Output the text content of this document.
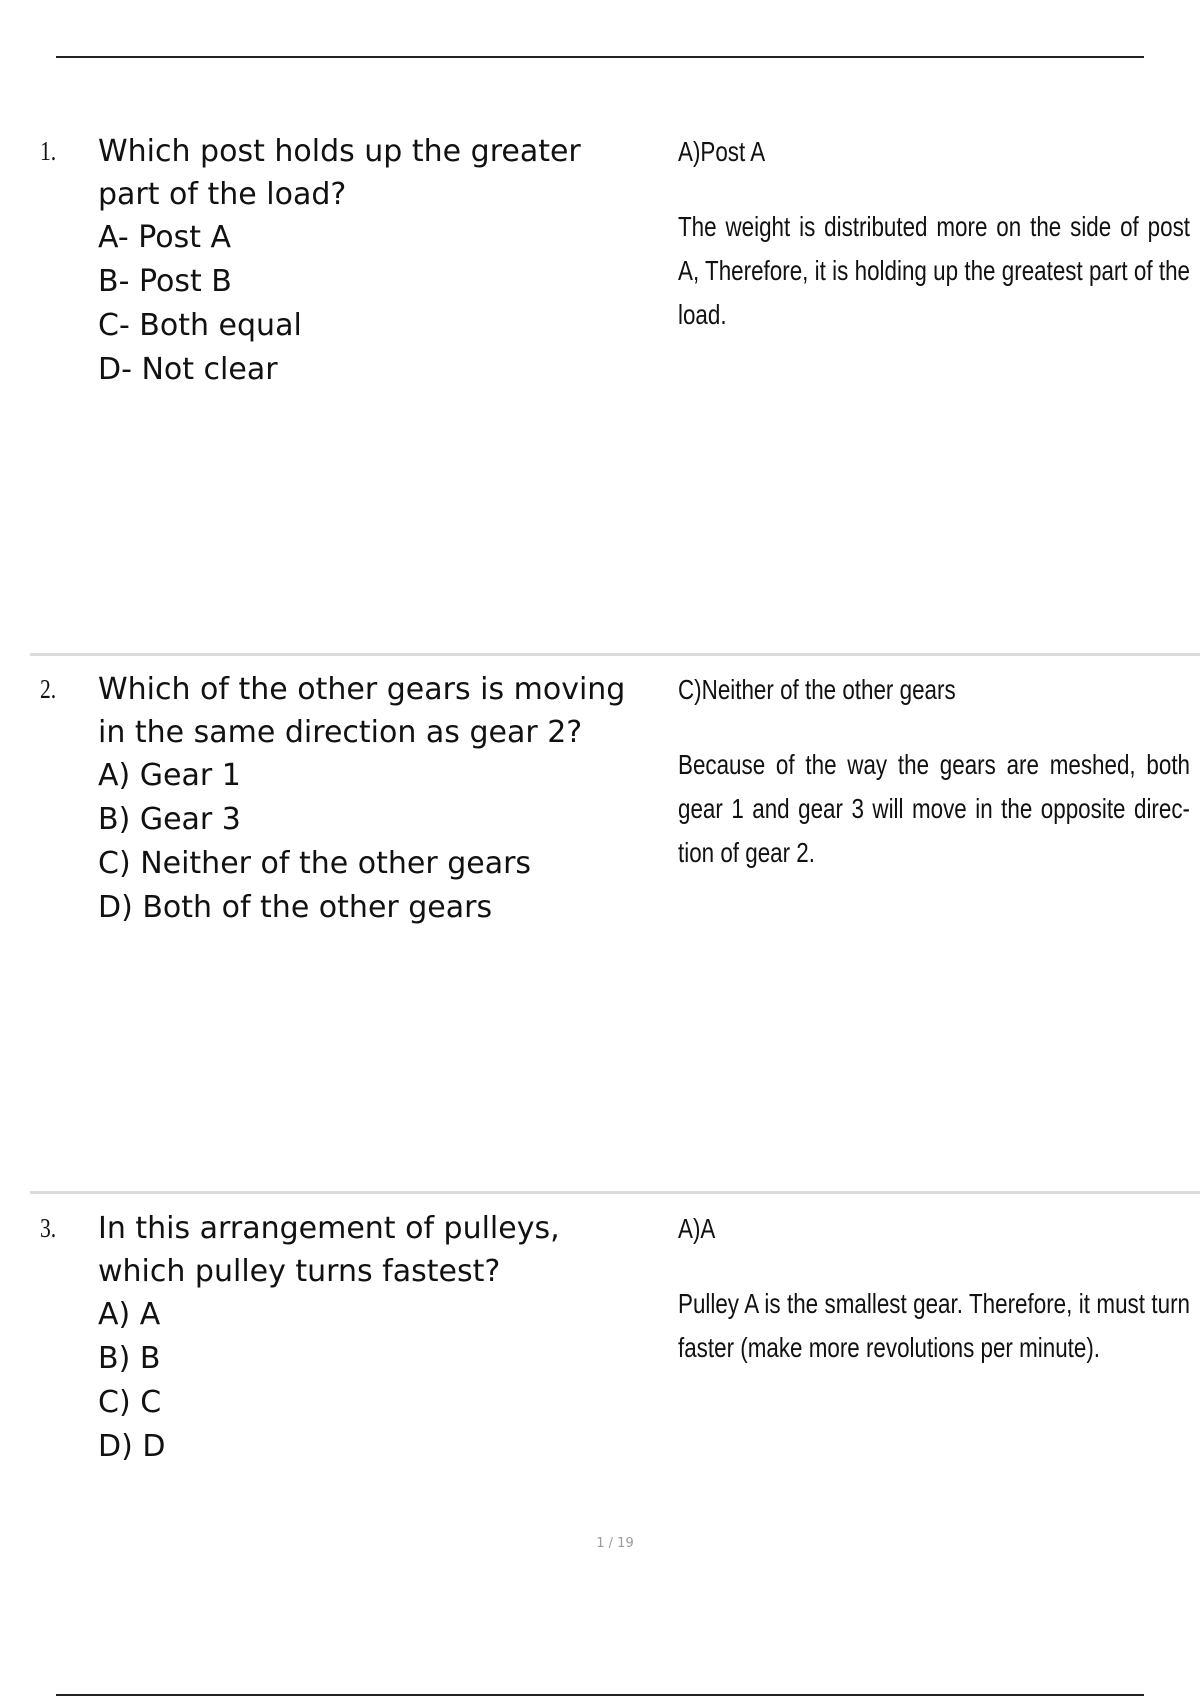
1. Which post holds up the greater part of the load?
A- Post A
B- Post B
C- Both equal
D- Not clear

A)Post A

The weight is distributed more on the side of post A, Therefore, it is holding up the greatest part of the load.

2. Which of the other gears is moving in the same direction as gear 2?
A) Gear 1
B) Gear 3
C) Neither of the other gears
D) Both of the other gears

C)Neither of the other gears

Because of the way the gears are meshed, both gear 1 and gear 3 will move in the opposite direc-tion of gear 2.

3. In this arrangement of pulleys, which pulley turns fastest?
A) A
B) B
C) C
D) D

A)A

Pulley A is the smallest gear. Therefore, it must turn faster (make more revolutions per minute).

1 / 19
